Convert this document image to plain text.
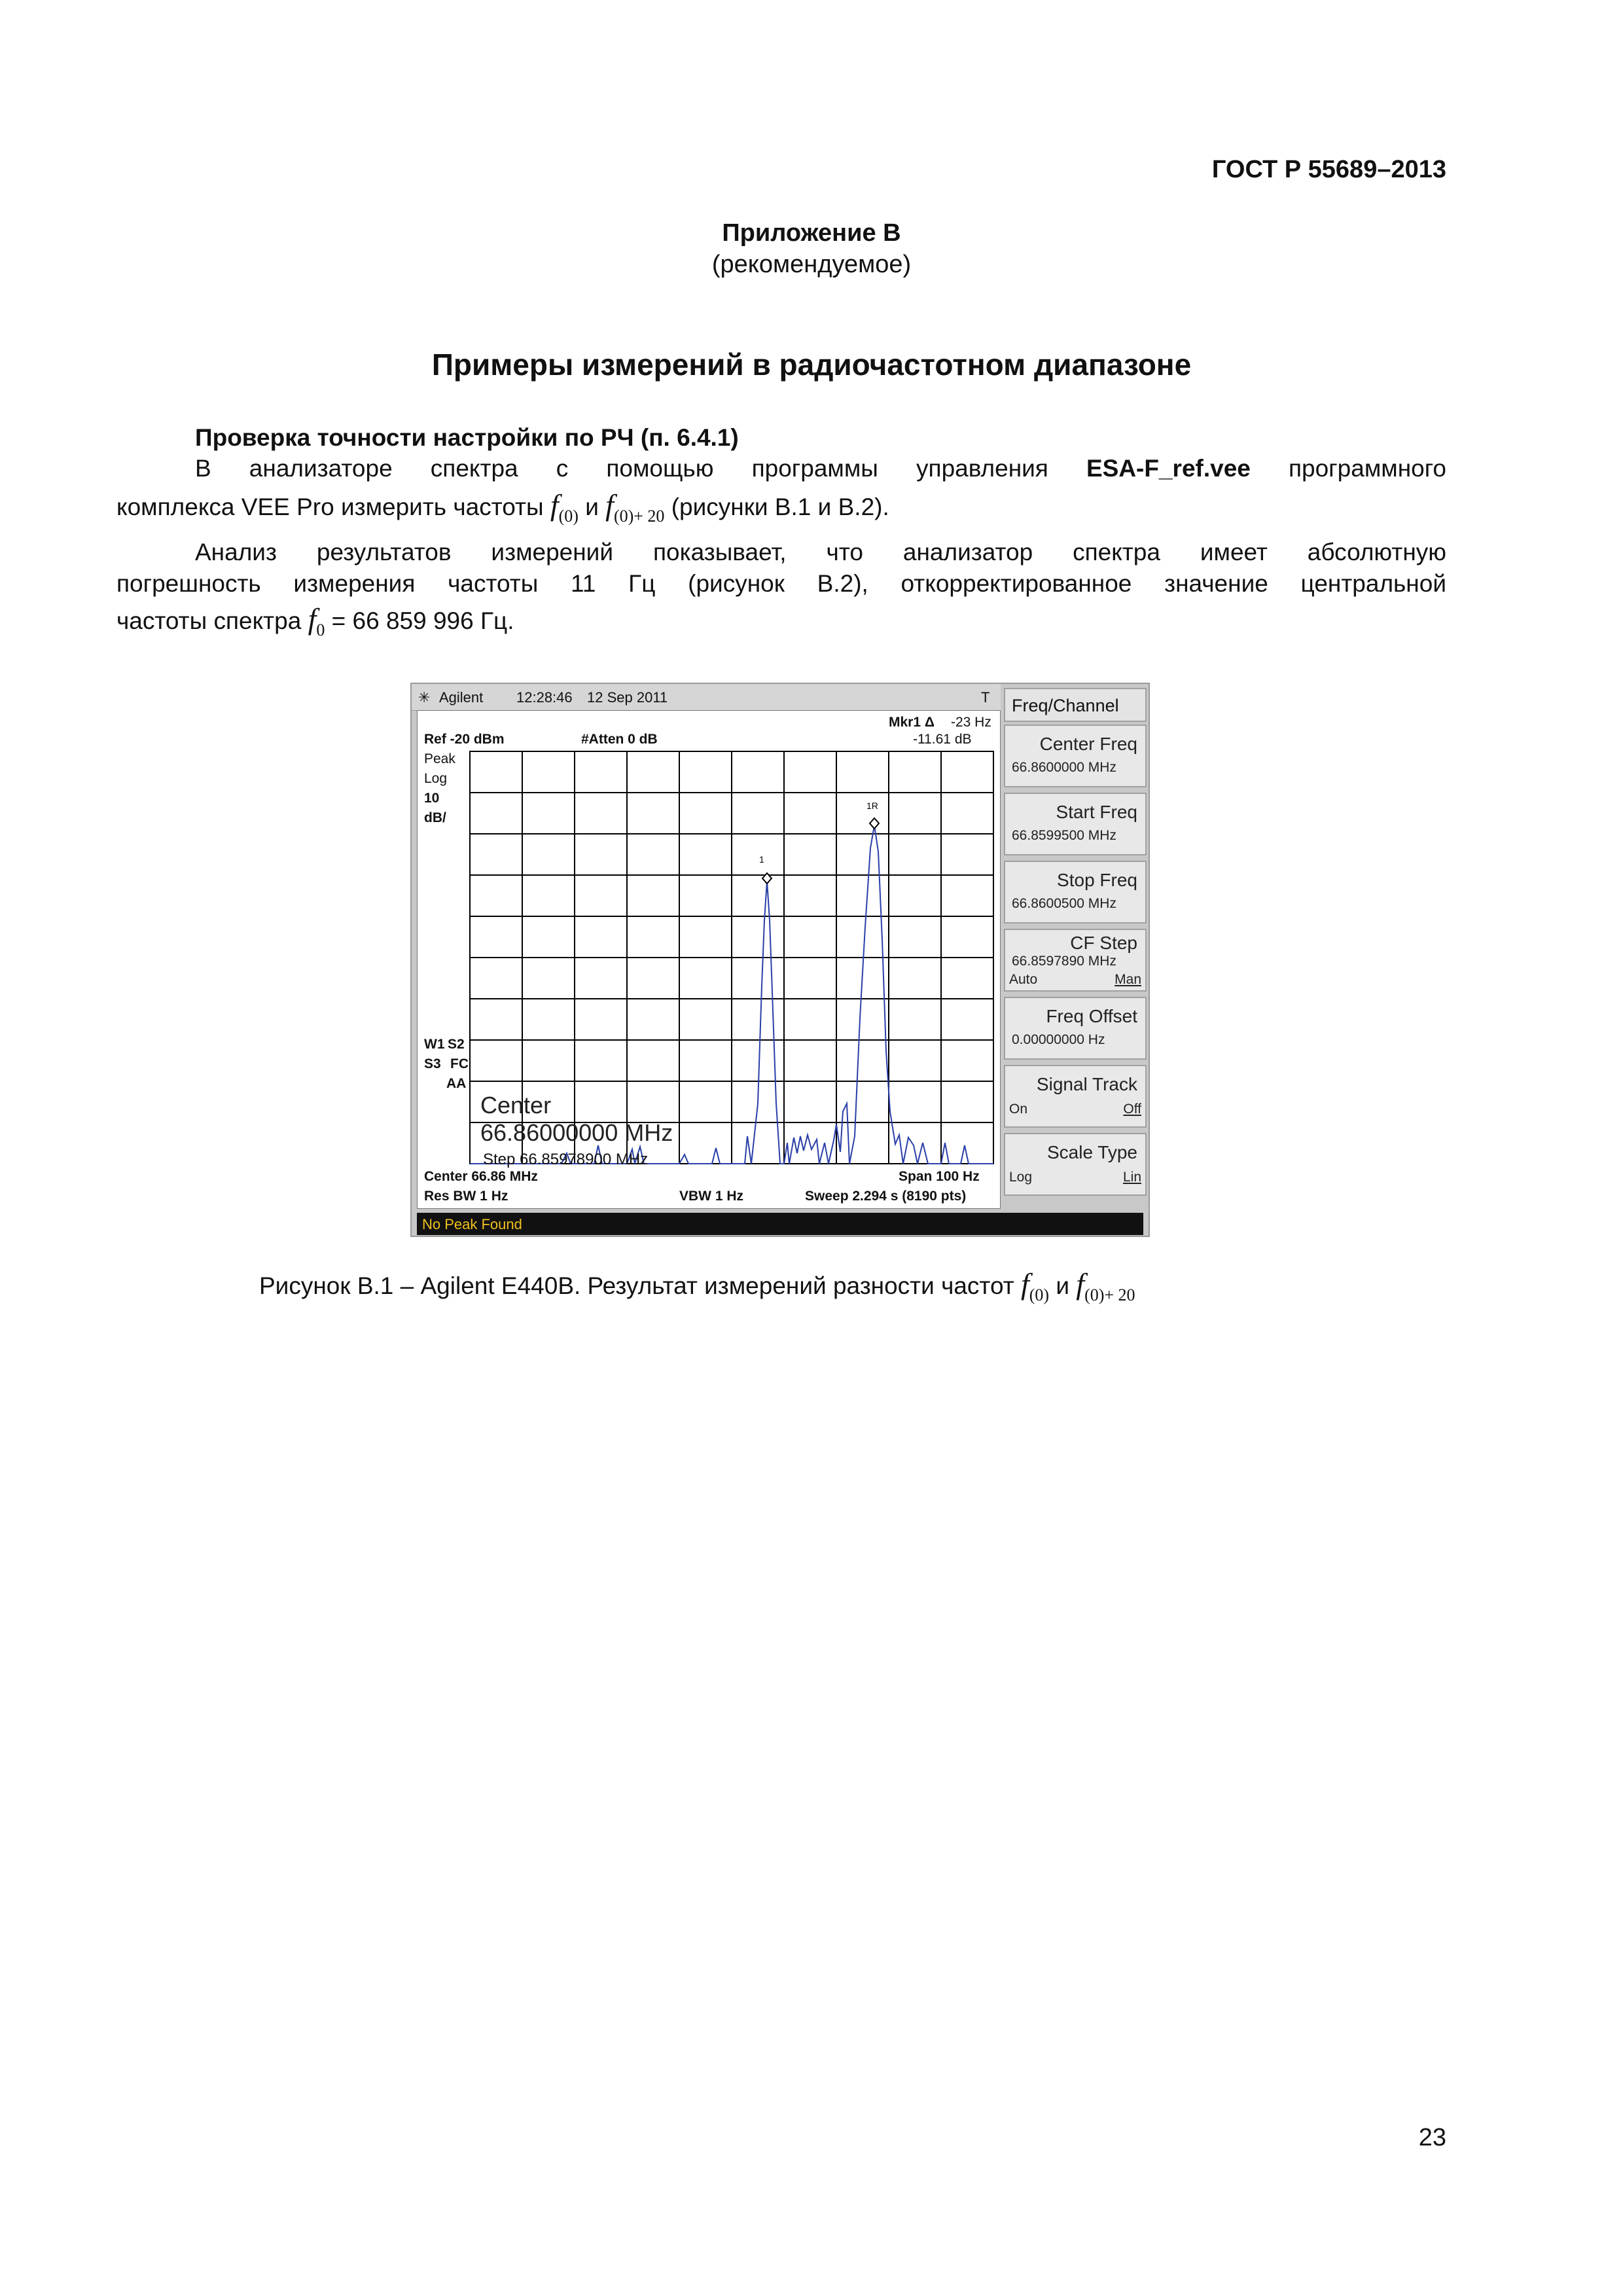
ГОСТ Р 55689–2013
Приложение В
(рекомендуемое)
Примеры измерений в радиочастотном диапазоне
Проверка точности настройки по РЧ (п. 6.4.1)
В анализаторе спектра с помощью программы управления ESA-F_ref.vee программного
комплекса VEE Pro измерить частоты $f_{(0)}$ и $f_{(0)+ 20}$ (рисунки В.1 и В.2).
Анализ результатов измерений показывает, что анализатор спектра имеет абсолютную
погрешность измерения частоты 11 Гц (рисунок В.2), откорректированное значение центральной
частоты спектра $f_0 = 66$ 859 996 Гц.
✳ Agilent 12:28:46 12 Sep 2011	T
Mkr1 Δ -23 Hz
-11.61 dB
Ref -20 dBm	#Atten 0 dB
Peak
Log
10
dB/
W1 S2
S3 FC
AA
1
1R
Center
66.86000000 MHz
Step 66.85978900 MHz
Center 66.86 MHz	Span 100 Hz
Res BW 1 Hz	VBW 1 Hz	Sweep 2.294 s (8190 pts)
No Peak Found
Freq/Channel
Center Freq
66.8600000 MHz
Start Freq
66.8599500 MHz
Stop Freq
66.8600500 MHz
CF Step
66.8597890 MHz
Auto	Man
Freq Offset
0.00000000 Hz
Signal Track
On	Off
Scale Type
Log	Lin
Рисунок В.1 – Agilent E440B. Результат измерений разности частот $f_{(0)}$ и $f_{(0)+ 20}$
23
